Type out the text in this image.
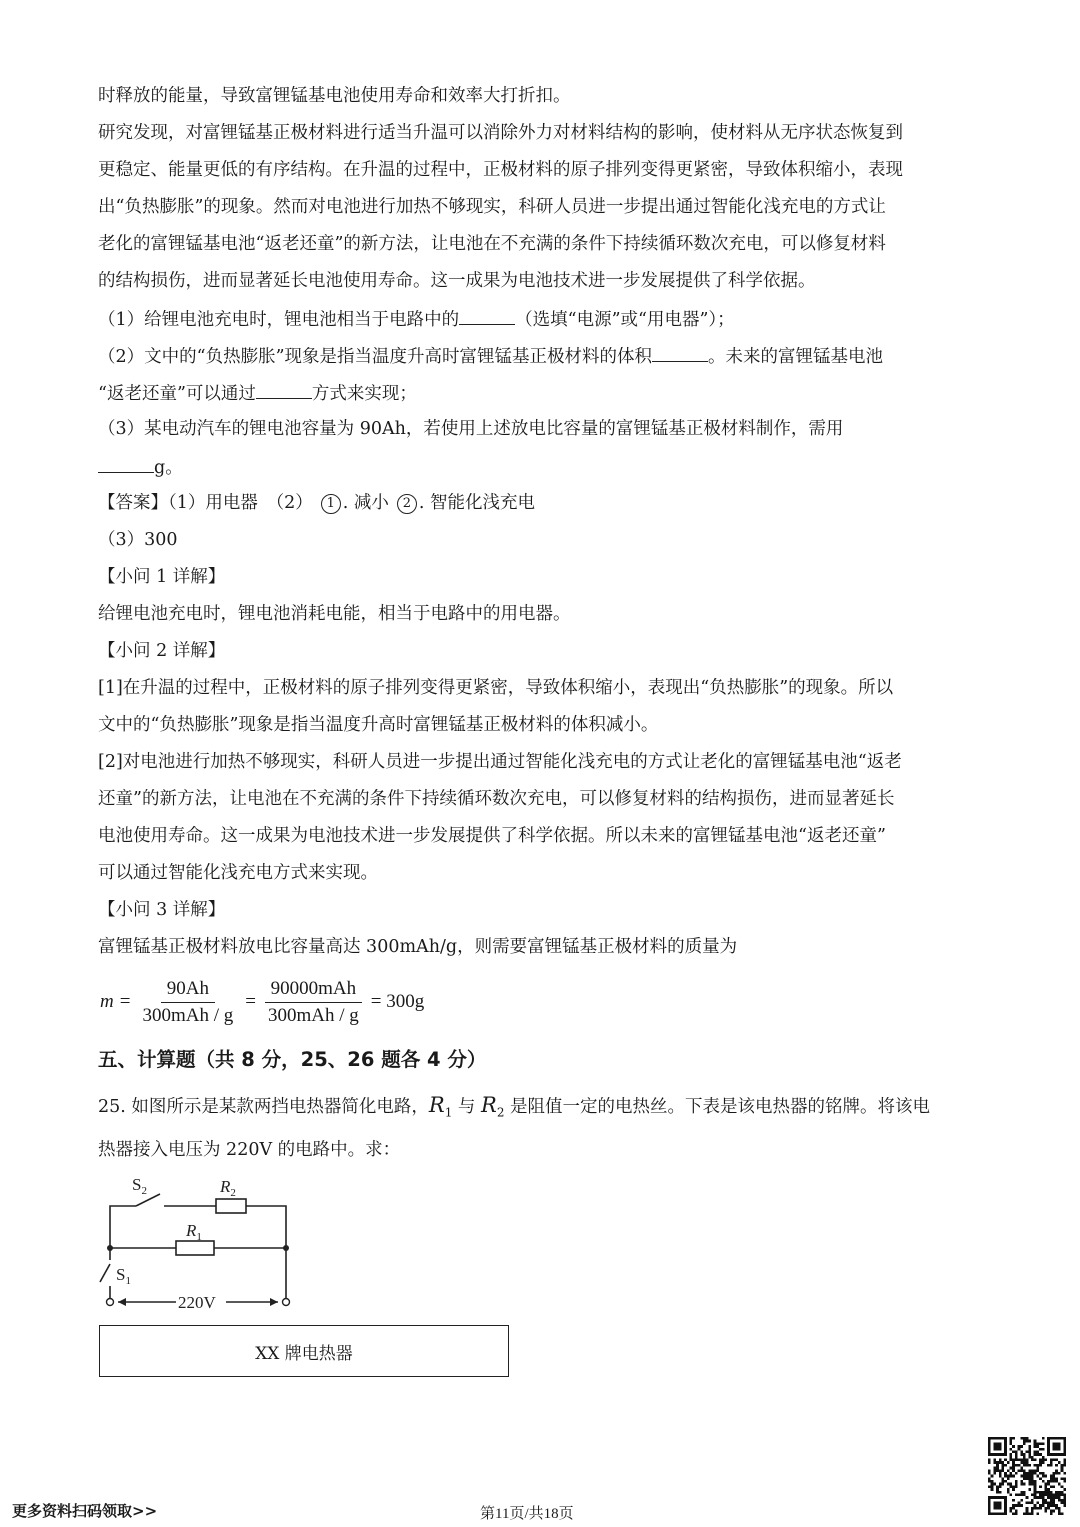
时释放的能量，导致富锂锰基电池使用寿命和效率大打折扣。
研究发现，对富锂锰基正极材料进行适当升温可以消除外力对材料结构的影响，使材料从无序状态恢复到
更稳定、能量更低的有序结构。在升温的过程中，正极材料的原子排列变得更紧密，导致体积缩小，表现
出“负热膨胀”的现象。然而对电池进行加热不够现实，科研人员进一步提出通过智能化浅充电的方式让
老化的富锂锰基电池“返老还童”的新方法，让电池在不充满的条件下持续循环数次充电，可以修复材料
的结构损伤，进而显著延长电池使用寿命。这一成果为电池技术进一步发展提供了科学依据。
（1）给锂电池充电时，锂电池相当于电路中的	（选填“电源”或“用电器”）；
（2）文中的“负热膨胀”现象是指当温度升高时富锂锰基正极材料的体积	。未来的富锂锰基电池
“返老还童”可以通过	方式来实现；
（3）某电动汽车的锂电池容量为 90Ah，若使用上述放电比容量的富锂锰基正极材料制作，需用
g。
【答案】（1）用电器　（2） 1 . 减小 2 . 智能化浅充电
（3）300
【小问 1 详解】
给锂电池充电时，锂电池消耗电能，相当于电路中的用电器。
【小问 2 详解】
[1]在升温的过程中，正极材料的原子排列变得更紧密，导致体积缩小，表现出“负热膨胀”的现象。所以
文中的“负热膨胀”现象是指当温度升高时富锂锰基正极材料的体积减小。
[2]对电池进行加热不够现实，科研人员进一步提出通过智能化浅充电的方式让老化的富锂锰基电池“返老
还童”的新方法，让电池在不充满的条件下持续循环数次充电，可以修复材料的结构损伤，进而显著延长
电池使用寿命。这一成果为电池技术进一步发展提供了科学依据。所以未来的富锂锰基电池“返老还童”
可以通过智能化浅充电方式来实现。
【小问 3 详解】
富锂锰基正极材料放电比容量高达 300mAh/g，则需要富锂锰基正极材料的质量为
$m = \frac{90Ah}{\text{300mAh / g}} = \frac{\text{90000mAh}}{\text{300mAh / g}} = 300g$
五、计算题（共 8 分，25、26 题各 4 分）
25. 如图所示是某款两挡电热器简化电路，$R_1$ 与 $R_2$ 是阻值一定的电热丝。下表是该电热器的铭牌。将该电
热器接入电压为 220V 的电路中。求：
$S_2$	$R_2$
$R_1$
$S_1$
220V
XX 牌电热器
更多资料扫码领取>>	第11页/共18页
